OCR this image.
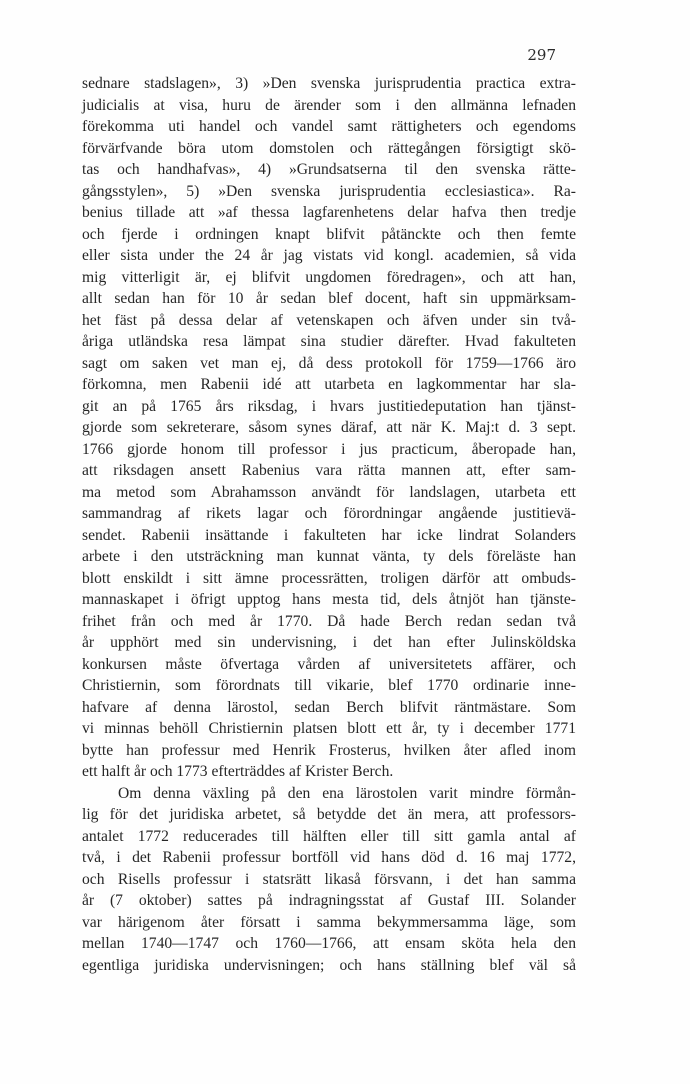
297

sednare stadslagen», 3) »Den svenska jurisprudentia practica extra-
judicialis at visa, huru de ärender som i den allmänna lefnaden
förekomma uti handel och vandel samt rättigheters och egendoms
förvärfvande böra utom domstolen och rättegången försigtigt skö-
tas och handhafvas», 4) »Grundsatserna til den svenska rätte-
gångsstylen», 5) »Den svenska jurisprudentia ecclesiastica». Ra-
benius tillade att »af thessa lagfarenhetens delar hafva then tredje
och fjerde i ordningen knapt blifvit påtänckte och then femte
eller sista under the 24 år jag vistats vid kongl. academien, så vida
mig vitterligit är, ej blifvit ungdomen föredragen», och att han,
allt sedan han för 10 år sedan blef docent, haft sin uppmärksam-
het fäst på dessa delar af vetenskapen och äfven under sin två-
åriga utländska resa lämpat sina studier därefter. Hvad fakulteten
sagt om saken vet man ej, då dess protokoll för 1759—1766 äro
förkomna, men Rabenii idé att utarbeta en lagkommentar har sla-
git an på 1765 års riksdag, i hvars justitiedeputation han tjänst-
gjorde som sekreterare, såsom synes däraf, att när K. Maj:t d. 3 sept.
1766 gjorde honom till professor i jus practicum, åberopade han,
att riksdagen ansett Rabenius vara rätta mannen att, efter sam-
ma metod som Abrahamsson användt för landslagen, utarbeta ett
sammandrag af rikets lagar och förordningar angående justitievä-
sendet. Rabenii insättande i fakulteten har icke lindrat Solanders
arbete i den utsträckning man kunnat vänta, ty dels föreläste han
blott enskildt i sitt ämne processrätten, troligen därför att ombuds-
mannaskapet i öfrigt upptog hans mesta tid, dels åtnjöt han tjänste-
frihet från och med år 1770. Då hade Berch redan sedan två
år upphört med sin undervisning, i det han efter Julinsköldska
konkursen måste öfvertaga vården af universitetets affärer, och
Christiernin, som förordnats till vikarie, blef 1770 ordinarie inne-
hafvare af denna lärostol, sedan Berch blifvit räntmästare. Som
vi minnas behöll Christiernin platsen blott ett år, ty i december 1771
bytte han professur med Henrik Frosterus, hvilken åter afled inom
ett halft år och 1773 efterträddes af Krister Berch.
Om denna växling på den ena lärostolen varit mindre förmån-
lig för det juridiska arbetet, så betydde det än mera, att professors-
antalet 1772 reducerades till hälften eller till sitt gamla antal af
två, i det Rabenii professur bortföll vid hans död d. 16 maj 1772,
och Risells professur i statsrätt likaså försvann, i det han samma
år (7 oktober) sattes på indragningsstat af Gustaf III. Solander
var härigenom åter försatt i samma bekymmersamma läge, som
mellan 1740—1747 och 1760—1766, att ensam sköta hela den
egentliga juridiska undervisningen; och hans ställning blef väl så
